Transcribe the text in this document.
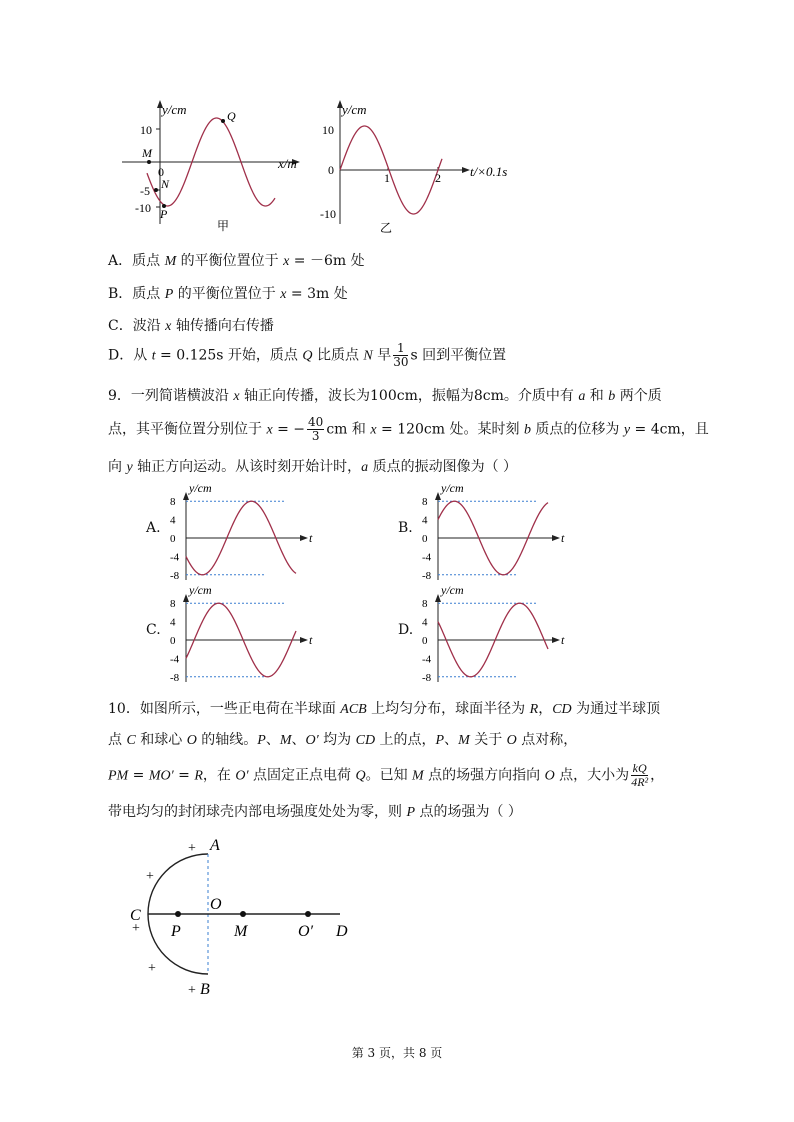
y/cm
x/m
10
0
-5
-10
M
N
P
Q
甲
y/cm
t/×0.1s
10
0
-10
1	2
乙
A．质点 M 的平衡位置位于 x = －6m 处
B．质点 P 的平衡位置位于 x = 3m 处
C．波沿 x 轴传播向右传播
D．从 t = 0.125s 开始，质点 Q 比质点 N 早 $\frac{1}{30}$ s 回到平衡位置
9．一列简谐横波沿 x 轴正向传播，波长为100cm，振幅为8cm。介质中有 a 和 b 两个质
点，其平衡位置分别位于 x = − $\frac{40}{3}$ cm 和 x = 120cm 处。某时刻 b 质点的位移为 y = 4cm，且
向 y 轴正方向运动。从该时刻开始计时，a 质点的振动图像为（ ）
A.
y/cm
t
8
4
0
-4
-8
B.
y/cm
t
8
4
0
-4
-8
C.
y/cm
t
8
4
0
-4
-8
D.
y/cm
t
8
4
0
-4
-8
10．如图所示，一些正电荷在半球面 ACB 上均匀分布，球面半径为 R，CD 为通过半球顶
点 C 和球心 O 的轴线。P、M、O′ 均为 CD 上的点，P、M 关于 O 点对称，
PM = MO′ = R，在 O′ 点固定正点电荷 Q。已知 M 点的场强方向指向 O 点，大小为 $\frac{kQ}{\text{4R²}}$ ，
带电均匀的封闭球壳内部电场强度处处为零，则 P 点的场强为（ ）
A
B
C
D
O
P	M	O′
+
+
+
+
+
第 3 页，共 8 页
